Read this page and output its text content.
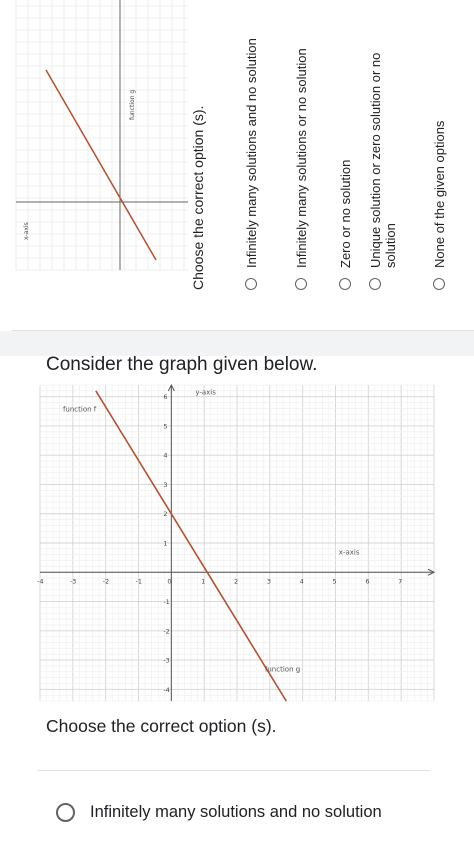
function g
x-axis	Choose the correct option (s).	Infinitely many solutions and no solution	Infinitely many solutions or no solution Zero or no solution Unique solution or zero solution or no solution	None of the given options
Consider the graph given below.
-4	-3	-2	-1	0	1	2	3	4	5	6	7
-4
-3
-2
-1
1
2
3
4
5
6
y-axis
x-axis
function f
function g
Choose the correct option (s).
Infinitely many solutions and no solution
